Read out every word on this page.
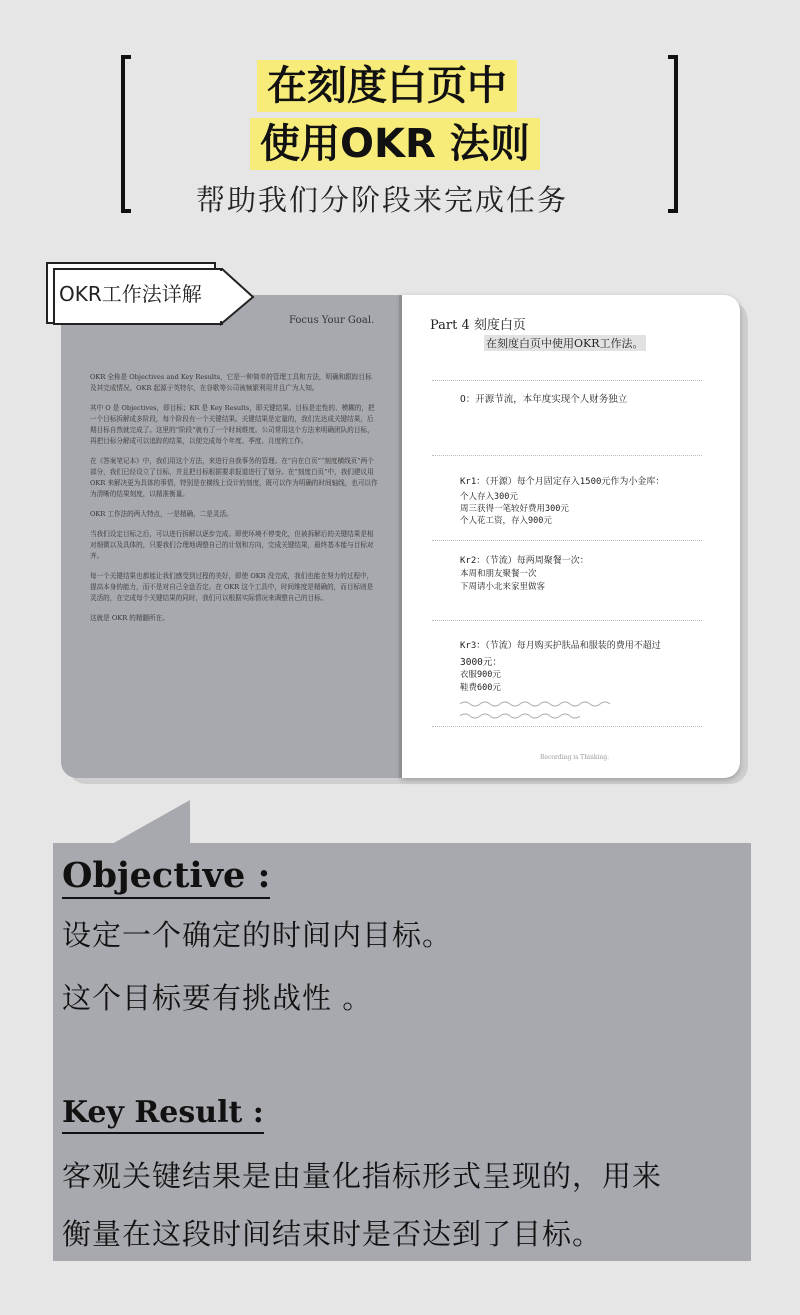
在刻度白页中
使用OKR 法则
帮助我们分阶段来完成任务
OKR工作法详解
Focus Your Goal.

OKR 全称是 Objectives and Key Results，它是一种简单的管理工具和方法，明确和跟踪目标及其完成情况。OKR 起源于英特尔，在谷歌等公司被频繁利用并且广为人知。

其中 O 是 Objectives，即目标；KR 是 Key Results，即关键结果。目标是定性的、模糊的，把一个目标拆解成多阶段，每个阶段有一个关键结果。关键结果是定量的，我们先达成关键结果，后期目标自然就完成了。这里的“阶段”就有了一个时间维度。公司常用这个方法来明确团队的目标，再把目标分解成可以追踪的结果，以便完成每个年度、季度、月度的工作。

在《答案笔记本》中，我们用这个方法，来进行自我事务的管理。在“自在白页”“刻度横线页”两个部分，我们已经设立了目标，并且把目标根据要求报道进行了划分。在“刻度白页”中，我们建议用 OKR 来解决更为具体的事情，特别是在横线上设计的刻度，既可以作为明确的时间轴线，也可以作为清晰的结果刻度，以精准衡量。

OKR 工作法的两大特点，一是精确，二是灵活。

当我们设定目标之后，可以进行拆解以逐步完成。即使环境不停变化，但被拆解后的关键结果是相对细微以及具体的，只要我们合理地调整自己的计划和方向，完成关键结果，最终基本能与目标对齐。

每一个关键结果也都能让我们感受到过程的美好，即使 OKR 没完成，我们也能在努力的过程中，提高本身的能力，而不是对自己全盘否定。在 OKR 这个工具中，时间维度是精确的，而目标则是灵活的，在完成每个关键结果的同时，我们可以根据实际情况来调整自己的目标。

这就是 OKR 的精髓所在。

Part 4 刻度白页
在刻度白页中使用OKR工作法。
O：开源节流，本年度实现个人财务独立
Kr1：（开源）每个月固定存入1500元作为小金库：
个人存入300元
周三获得一笔较好费用300元
个人花工资，存入900元
Kr2：（节流）每两周聚餐一次：
本周和朋友聚餐一次
下周请小北来家里做客
Kr3：（节流）每月购买护肤品和服装的费用不超过
3000元：
衣服900元
鞋费600元
Recording is Thinking.
Objective :
设定一个确定的时间内目标。
这个目标要有挑战性 。
Key Result :
客观关键结果是由量化指标形式呈现的，用来
衡量在这段时间结束时是否达到了目标。
